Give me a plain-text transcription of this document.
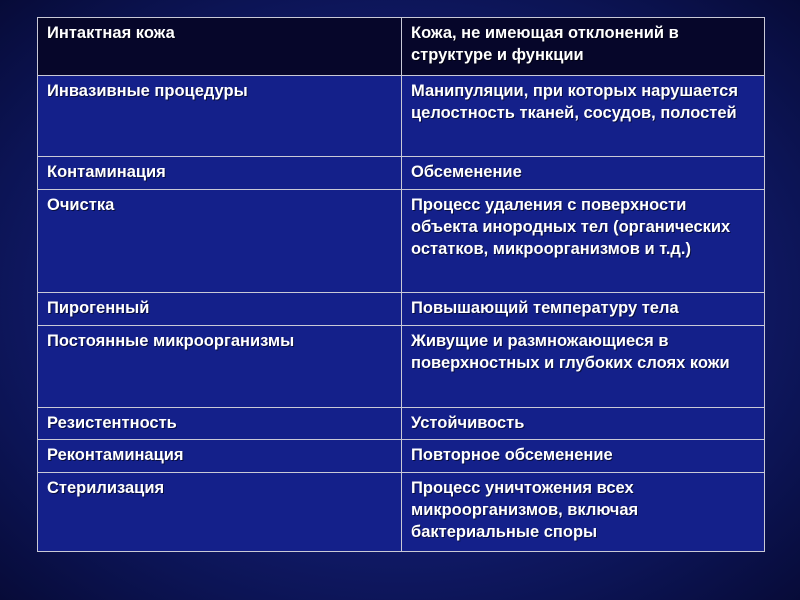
Интактная кожа	Кожа, не имеющая отклонений в структуре и функции
Инвазивные процедуры	Манипуляции, при которых нарушается целостность тканей, сосудов, полостей
Контаминация	Обсеменение
Очистка	Процесс удаления с поверхности объекта инородных тел (органических остатков, микроорганизмов и т.д.)
Пирогенный	Повышающий температуру тела
Постоянные микроорганизмы	Живущие и размножающиеся в поверхностных и глубоких слоях кожи
Резистентность	Устойчивость
Реконтаминация	Повторное обсеменение
Стерилизация	Процесс уничтожения всех микроорганизмов, включая бактериальные споры
